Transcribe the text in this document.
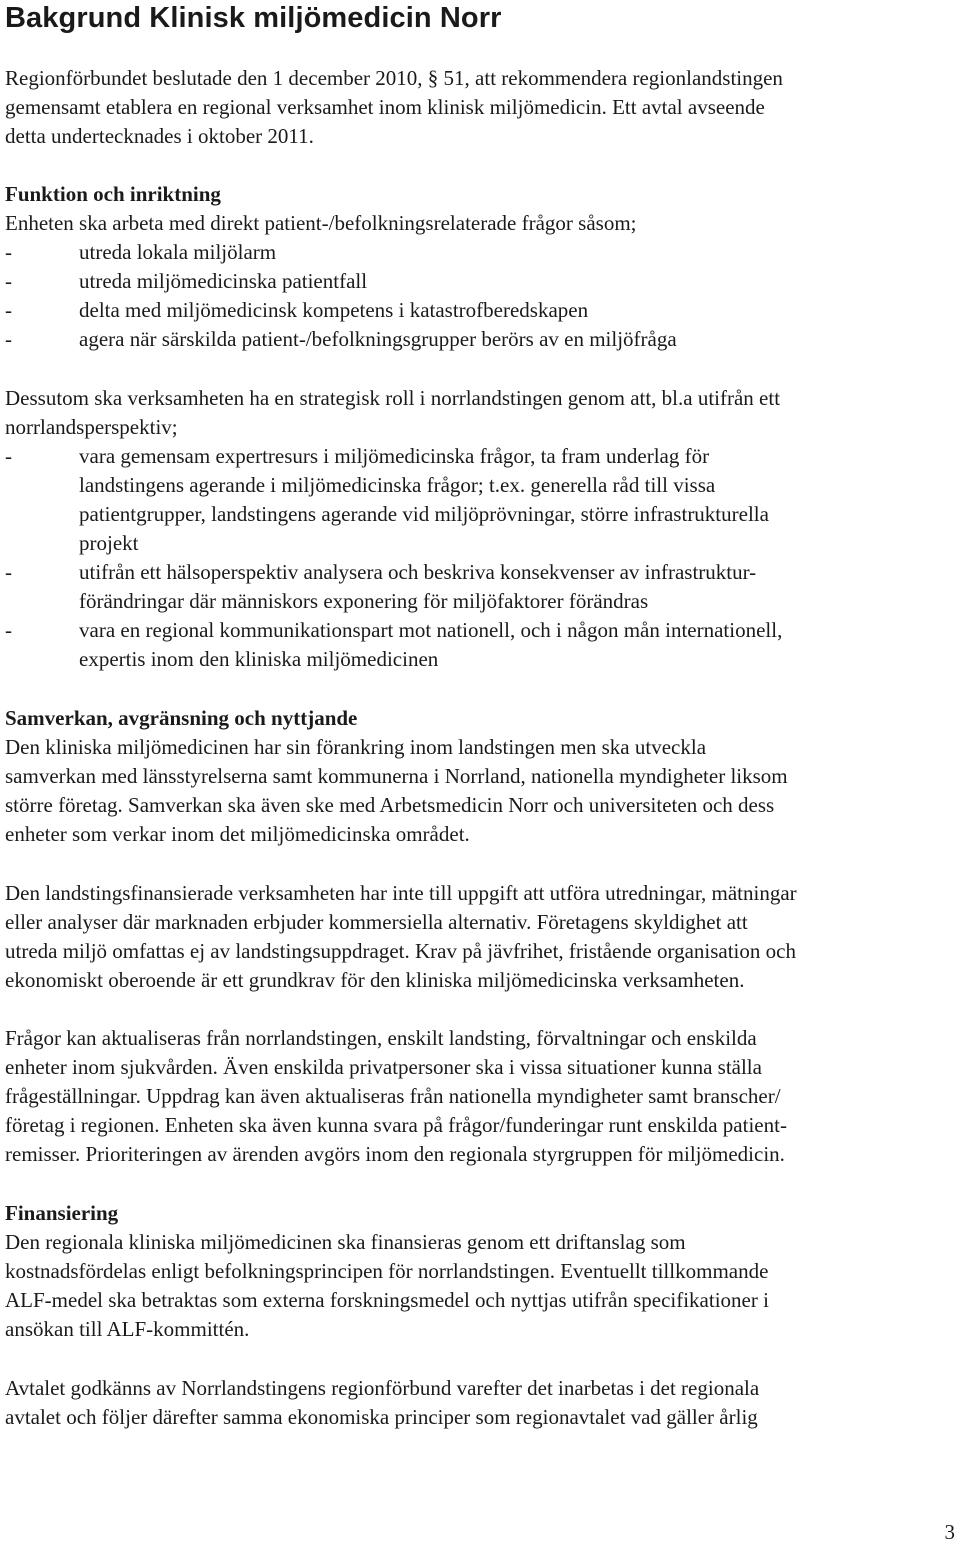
Bakgrund Klinisk miljömedicin Norr
Regionförbundet beslutade den 1 december 2010, § 51, att rekommendera regionlandstingen
gemensamt etablera en regional verksamhet inom klinisk miljömedicin. Ett avtal avseende
detta undertecknades i oktober 2011.
Funktion och inriktning
Enheten ska arbeta med direkt patient-/befolkningsrelaterade frågor såsom;
-	utreda lokala miljölarm
-	utreda miljömedicinska patientfall
-	delta med miljömedicinsk kompetens i katastrofberedskapen
-	agera när särskilda patient-/befolkningsgrupper berörs av en miljöfråga
Dessutom ska verksamheten ha en strategisk roll i norrlandstingen genom att, bl.a utifrån ett
norrlandsperspektiv;
-	vara gemensam expertresurs i miljömedicinska frågor, ta fram underlag för
landstingens agerande i miljömedicinska frågor; t.ex. generella råd till vissa
patientgrupper, landstingens agerande vid miljöprövningar, större infrastrukturella
projekt
-	utifrån ett hälsoperspektiv analysera och beskriva konsekvenser av infrastruktur-
förändringar där människors exponering för miljöfaktorer förändras
-	vara en regional kommunikationspart mot nationell, och i någon mån internationell,
expertis inom den kliniska miljömedicinen
Samverkan, avgränsning och nyttjande
Den kliniska miljömedicinen har sin förankring inom landstingen men ska utveckla
samverkan med länsstyrelserna samt kommunerna i Norrland, nationella myndigheter liksom
större företag. Samverkan ska även ske med Arbetsmedicin Norr och universiteten och dess
enheter som verkar inom det miljömedicinska området.
Den landstingsfinansierade verksamheten har inte till uppgift att utföra utredningar, mätningar
eller analyser där marknaden erbjuder kommersiella alternativ. Företagens skyldighet att
utreda miljö omfattas ej av landstingsuppdraget. Krav på jävfrihet, fristående organisation och
ekonomiskt oberoende är ett grundkrav för den kliniska miljömedicinska verksamheten.
Frågor kan aktualiseras från norrlandstingen, enskilt landsting, förvaltningar och enskilda
enheter inom sjukvården. Även enskilda privatpersoner ska i vissa situationer kunna ställa
frågeställningar. Uppdrag kan även aktualiseras från nationella myndigheter samt branscher/
företag i regionen. Enheten ska även kunna svara på frågor/funderingar runt enskilda patient-
remisser. Prioriteringen av ärenden avgörs inom den regionala styrgruppen för miljömedicin.
Finansiering
Den regionala kliniska miljömedicinen ska finansieras genom ett driftanslag som
kostnadsfördelas enligt befolkningsprincipen för norrlandstingen. Eventuellt tillkommande
ALF-medel ska betraktas som externa forskningsmedel och nyttjas utifrån specifikationer i
ansökan till ALF-kommittén.
Avtalet godkänns av Norrlandstingens regionförbund varefter det inarbetas i det regionala
avtalet och följer därefter samma ekonomiska principer som regionavtalet vad gäller årlig
3
